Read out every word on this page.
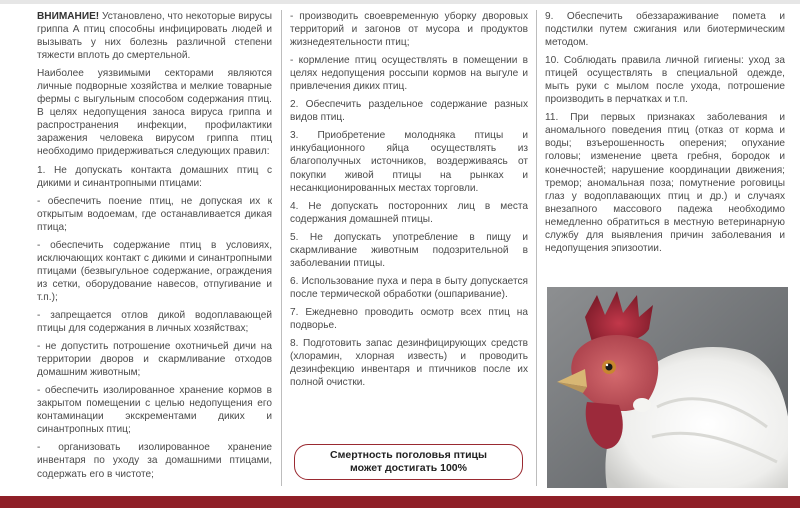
ВНИМАНИЕ! Установлено, что некоторые вирусы гриппа А птиц способны инфицировать людей и вызывать у них болезнь различной степени тяжести вплоть до смертельной.

Наиболее уязвимыми секторами являются личные подворные хозяйства и мелкие товарные фермы с выгульным способом содержания птиц. В целях недопущения заноса вируса гриппа и распространения инфекции, профилактики заражения человека вирусом гриппа птиц необходимо придерживаться следующих правил:

1. Не допускать контакта домашних птиц с дикими и синантропными птицами:

- обеспечить поение птиц, не допуская их к открытым водоемам, где останавливается дикая птица;

- обеспечить содержание птиц в условиях, исключающих контакт с дикими и синантропными птицами (безвыгульное содержание, ограждения из сетки, оборудование навесов, отпугивание и т.п.);

- запрещается отлов дикой водоплавающей птицы для содержания в личных хозяйствах;

- не допустить потрошение охотничьей дичи на территории дворов и скармливание отходов домашним животным;

- обеспечить изолированное хранение кормов в закрытом помещении с целью недопущения его контаминации экскрементами диких и синантропных птиц;

- организовать изолированное хранение инвентаря по уходу за домашними птицами, содержать его в чистоте;

- производить своевременную уборку дворовых территорий и загонов от мусора и продуктов жизнедеятельности птиц;

- кормление птиц осуществлять в помещении в целях недопущения россыпи кормов на выгуле и привлечения диких птиц.

2. Обеспечить раздельное содержание разных видов птиц.

3. Приобретение молодняка птицы и инкубационного яйца осуществлять из благополучных источников, воздерживаясь от покупки живой птицы на рынках и несанкционированных местах торговли.

4. Не допускать посторонних лиц в места содержания домашней птицы.

5. Не допускать употребление в пищу и скармливание животным подозрительной в заболевании птицы.

6. Использование пуха и пера в быту допускается после термической обработки (ошпаривание).

7. Ежедневно проводить осмотр всех птиц на подворье.

8. Подготовить запас дезинфицирующих средств (хлорамин, хлорная известь) и проводить дезинфекцию инвентаря и птичников после их полной очистки.

Смертность поголовья птицы
может достигать 100%

9. Обеспечить обеззараживание помета и подстилки путем сжигания или биотермическим методом.

10. Соблюдать правила личной гигиены: уход за птицей осуществлять в специальной одежде, мыть руки с мылом после ухода, потрошение производить в перчатках и т.п.

11. При первых признаках заболевания и аномального поведения птиц (отказ от корма и воды; взъерошенность оперения; опухание головы; изменение цвета гребня, бородок и конечностей; нарушение координации движения; тремор; аномальная поза; помутнение роговицы глаз у водоплавающих птиц и др.) и случаях внезапного массового падежа необходимо немедленно обратиться в местную ветеринарную службу для выявления причин заболевания и недопущения эпизоотии.
